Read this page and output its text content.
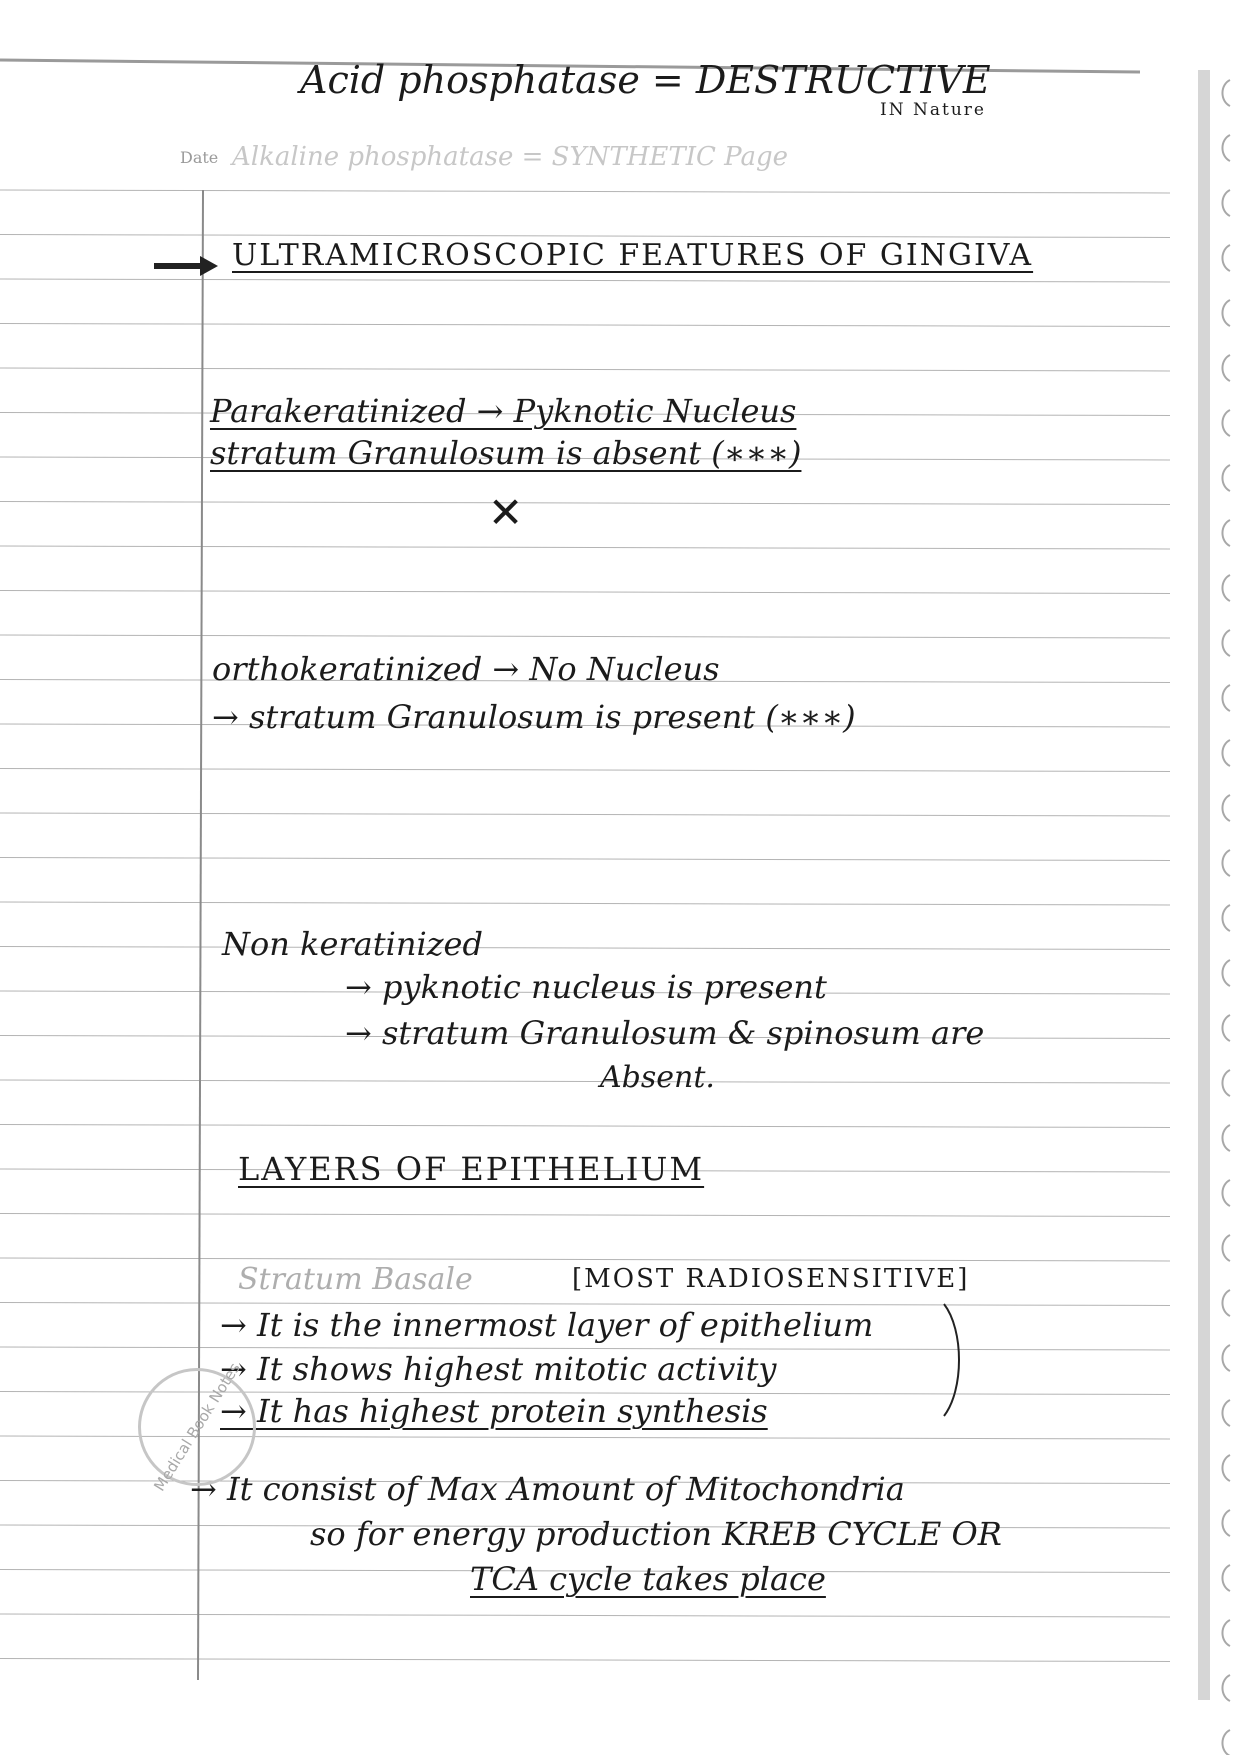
Acid phosphatase = DESTRUCTIVE
IN Nature
Date Alkaline phosphatase = SYNTHETIC Page
ULTRAMICROSCOPIC FEATURES OF GINGIVA
Parakeratinized → Pyknotic Nucleus
stratum Granulosum is absent (∗∗∗)
✕
orthokeratinized → No Nucleus
→ stratum Granulosum is present (∗∗∗)
Non keratinized
→ pyknotic nucleus is present
→ stratum Granulosum & spinosum are
Absent.
LAYERS OF EPITHELIUM
Stratum Basale	[MOST RADIOSENSITIVE]
→ It is the innermost layer of epithelium
→ It shows highest mitotic activity
→ It has highest protein synthesis
→ It consist of Max Amount of Mitochondria
so for energy production KREB CYCLE OR
TCA cycle takes place
Medical Book Notes
